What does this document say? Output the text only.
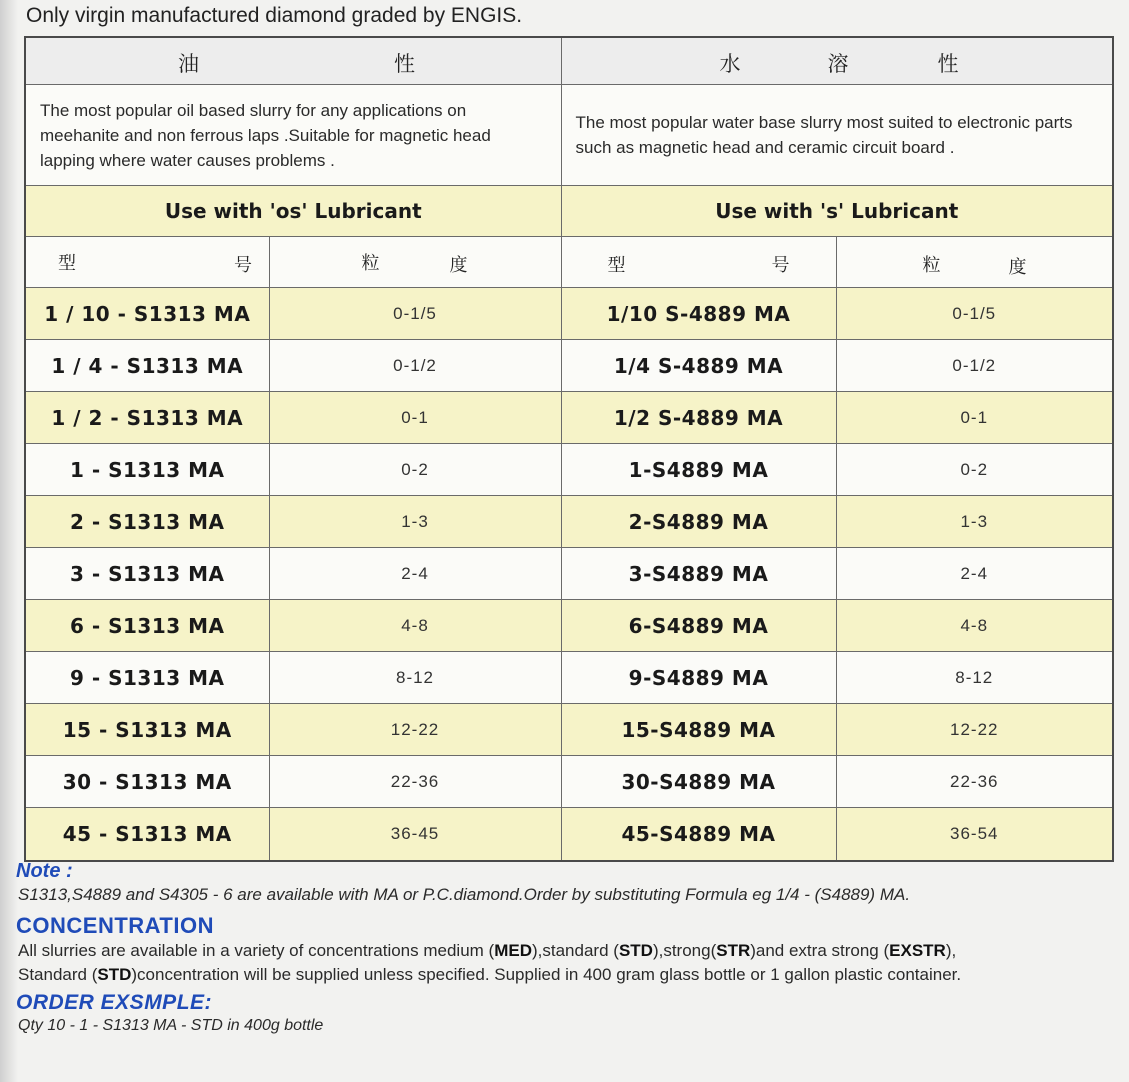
Only virgin manufactured diamond graded by ENGIS.
油 性		水 溶 性	

The most popular oil based slurry for any applications on meehanite and non ferrous laps .Suitable for magnetic head lapping where water causes problems .		The most popular water base slurry most suited to electronic parts such as magnetic head and ceramic circuit board .	
Use with 'os' Lubricant		Use with 's' Lubricant	

型 号	粒 度	型 号	粒 度

1 / 10 - S1313 MA	0-1/5	1/10 S-4889 MA	0-1/5
1 / 4 - S1313 MA	0-1/2	1/4 S-4889 MA	0-1/2
1 / 2 - S1313 MA	0-1	1/2 S-4889 MA	0-1
1 - S1313 MA	0-2	1-S4889 MA	0-2
2 - S1313 MA	1-3	2-S4889 MA	1-3
3 - S1313 MA	2-4	3-S4889 MA	2-4
6 - S1313 MA	4-8	6-S4889 MA	4-8
9 - S1313 MA	8-12	9-S4889 MA	8-12
15 - S1313 MA	12-22	15-S4889 MA	12-22
30 - S1313 MA	22-36	30-S4889 MA	22-36
45 - S1313 MA	36-45	45-S4889 MA	36-54

Note :

S1313,S4889 and S4305 - 6 are available with MA or P.C.diamond.Order by substituting Formula eg 1/4 - (S4889) MA.

CONCENTRATION

All slurries are available in a variety of concentrations medium (MED),standard (STD),strong(STR)and extra strong (EXSTR),

Standard (STD)concentration will be supplied unless specified. Supplied in 400 gram glass bottle or 1 gallon plastic container.

ORDER EXSMPLE:

Qty 10 - 1 - S1313 MA - STD in 400g bottle
